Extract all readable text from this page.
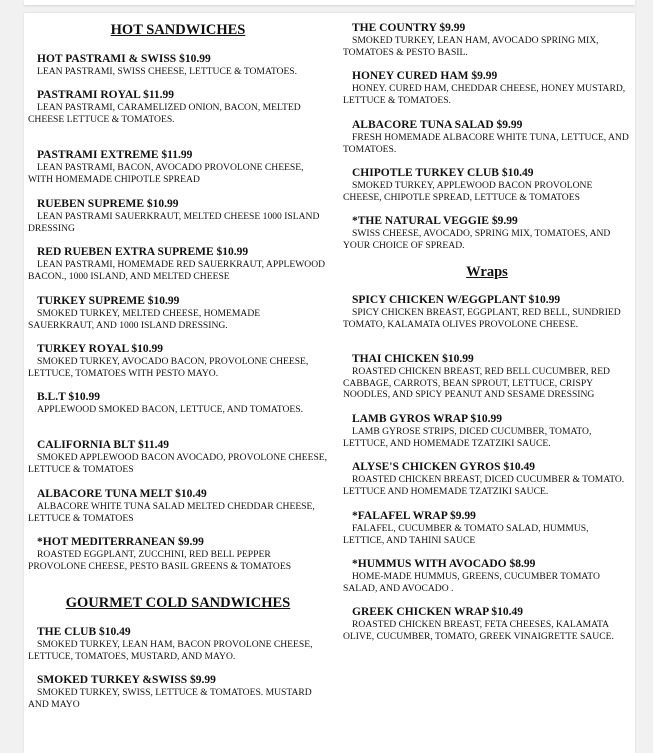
HOT SANDWICHES
HOT PASTRAMI & SWISS $10.99
LEAN PASTRAMI, SWISS CHEESE, LETTUCE & TOMATOES.
PASTRAMI ROYAL $11.99
LEAN PASTRAMI, CARAMELIZED ONION, BACON, MELTED
CHEESE LETTUCE & TOMATOES.
PASTRAMI EXTREME $11.99
LEAN PASTRAMI, BACON, AVOCADO PROVOLONE CHEESE, WITH HOMEMADE CHIPOTLE SPREAD
RUEBEN SUPREME $10.99
LEAN PASTRAMI SAUERKRAUT, MELTED CHEESE 1000 ISLAND DRESSING
RED RUEBEN EXTRA SUPREME $10.99
LEAN PASTRAMI, HOMEMADE RED SAUERKRAUT, APPLEWOOD BACON., 1000 ISLAND, AND MELTED CHEESE
TURKEY SUPREME $10.99
SMOKED TURKEY, MELTED CHEESE, HOMEMADE SAUERKRAUT, AND 1000 ISLAND DRESSING.
TURKEY ROYAL $10.99
SMOKED TURKEY, AVOCADO BACON, PROVOLONE CHEESE, LETTUCE, TOMATOES WITH PESTO MAYO.
B.L.T $10.99
APPLEWOOD SMOKED BACON, LETTUCE, AND TOMATOES.
CALIFORNIA BLT $11.49
SMOKED APPLEWOOD BACON AVOCADO, PROVOLONE CHEESE, LETTUCE & TOMATOES
ALBACORE TUNA MELT $10.49
ALBACORE WHITE TUNA SALAD MELTED CHEDDAR CHEESE, LETTUCE & TOMATOES
*HOT MEDITERRANEAN $9.99
ROASTED EGGPLANT, ZUCCHINI, RED BELL PEPPER PROVOLONE CHEESE, PESTO BASIL GREENS & TOMATOES
GOURMET COLD SANDWICHES
THE CLUB $10.49
SMOKED TURKEY, LEAN HAM, BACON PROVOLONE CHEESE, LETTUCE, TOMATOES, MUSTARD, AND MAYO.
SMOKED TURKEY &SWISS $9.99
SMOKED TURKEY, SWISS, LETTUCE & TOMATOES. MUSTARD AND MAYO
THE COUNTRY $9.99
SMOKED TURKEY, LEAN HAM, AVOCADO SPRING MIX, TOMATOES & PESTO BASIL.
HONEY CURED HAM $9.99
HONEY. CURED HAM, CHEDDAR CHEESE, HONEY MUSTARD, LETTUCE & TOMATOES.
ALBACORE TUNA SALAD $9.99
FRESH HOMEMADE ALBACORE WHITE TUNA, LETTUCE, AND TOMATOES.
CHIPOTLE TURKEY CLUB $10.49
SMOKED TURKEY, APPLEWOOD BACON PROVOLONE CHEESE, CHIPOTLE SPREAD, LETTUCE & TOMATOES
*THE NATURAL VEGGIE $9.99
SWISS CHEESE, AVOCADO, SPRING MIX, TOMATOES, AND YOUR CHOICE OF SPREAD.
Wraps
SPICY CHICKEN W/EGGPLANT $10.99
SPICY CHICKEN BREAST, EGGPLANT, RED BELL, SUNDRIED TOMATO, KALAMATA OLIVES PROVOLONE CHEESE.
THAI CHICKEN $10.99
ROASTED CHICKEN BREAST, RED BELL CUCUMBER, RED CABBAGE, CARROTS, BEAN SPROUT, LETTUCE, CRISPY NOODLES, AND SPICY PEANUT AND SESAME DRESSING
LAMB GYROS WRAP $10.99
LAMB GYROSE STRIPS, DICED CUCUMBER, TOMATO, LETTUCE, AND HOMEMADE TZATZIKI SAUCE.
ALYSE'S CHICKEN GYROS $10.49
ROASTED CHICKEN BREAST, DICED CUCUMBER & TOMATO. LETTUCE AND HOMEMADE TZATZIKI SAUCE.
*FALAFEL WRAP $9.99
FALAFEL, CUCUMBER & TOMATO SALAD, HUMMUS, LETTICE, AND TAHINI SAUCE
*HUMMUS WITH AVOCADO $8.99
HOME-MADE HUMMUS, GREENS, CUCUMBER TOMATO SALAD, AND AVOCADO .
GREEK CHICKEN WRAP $10.49
ROASTED CHICKEN BREAST, FETA CHEESES, KALAMATA OLIVE, CUCUMBER, TOMATO, GREEK VINAIGRETTE SAUCE.
